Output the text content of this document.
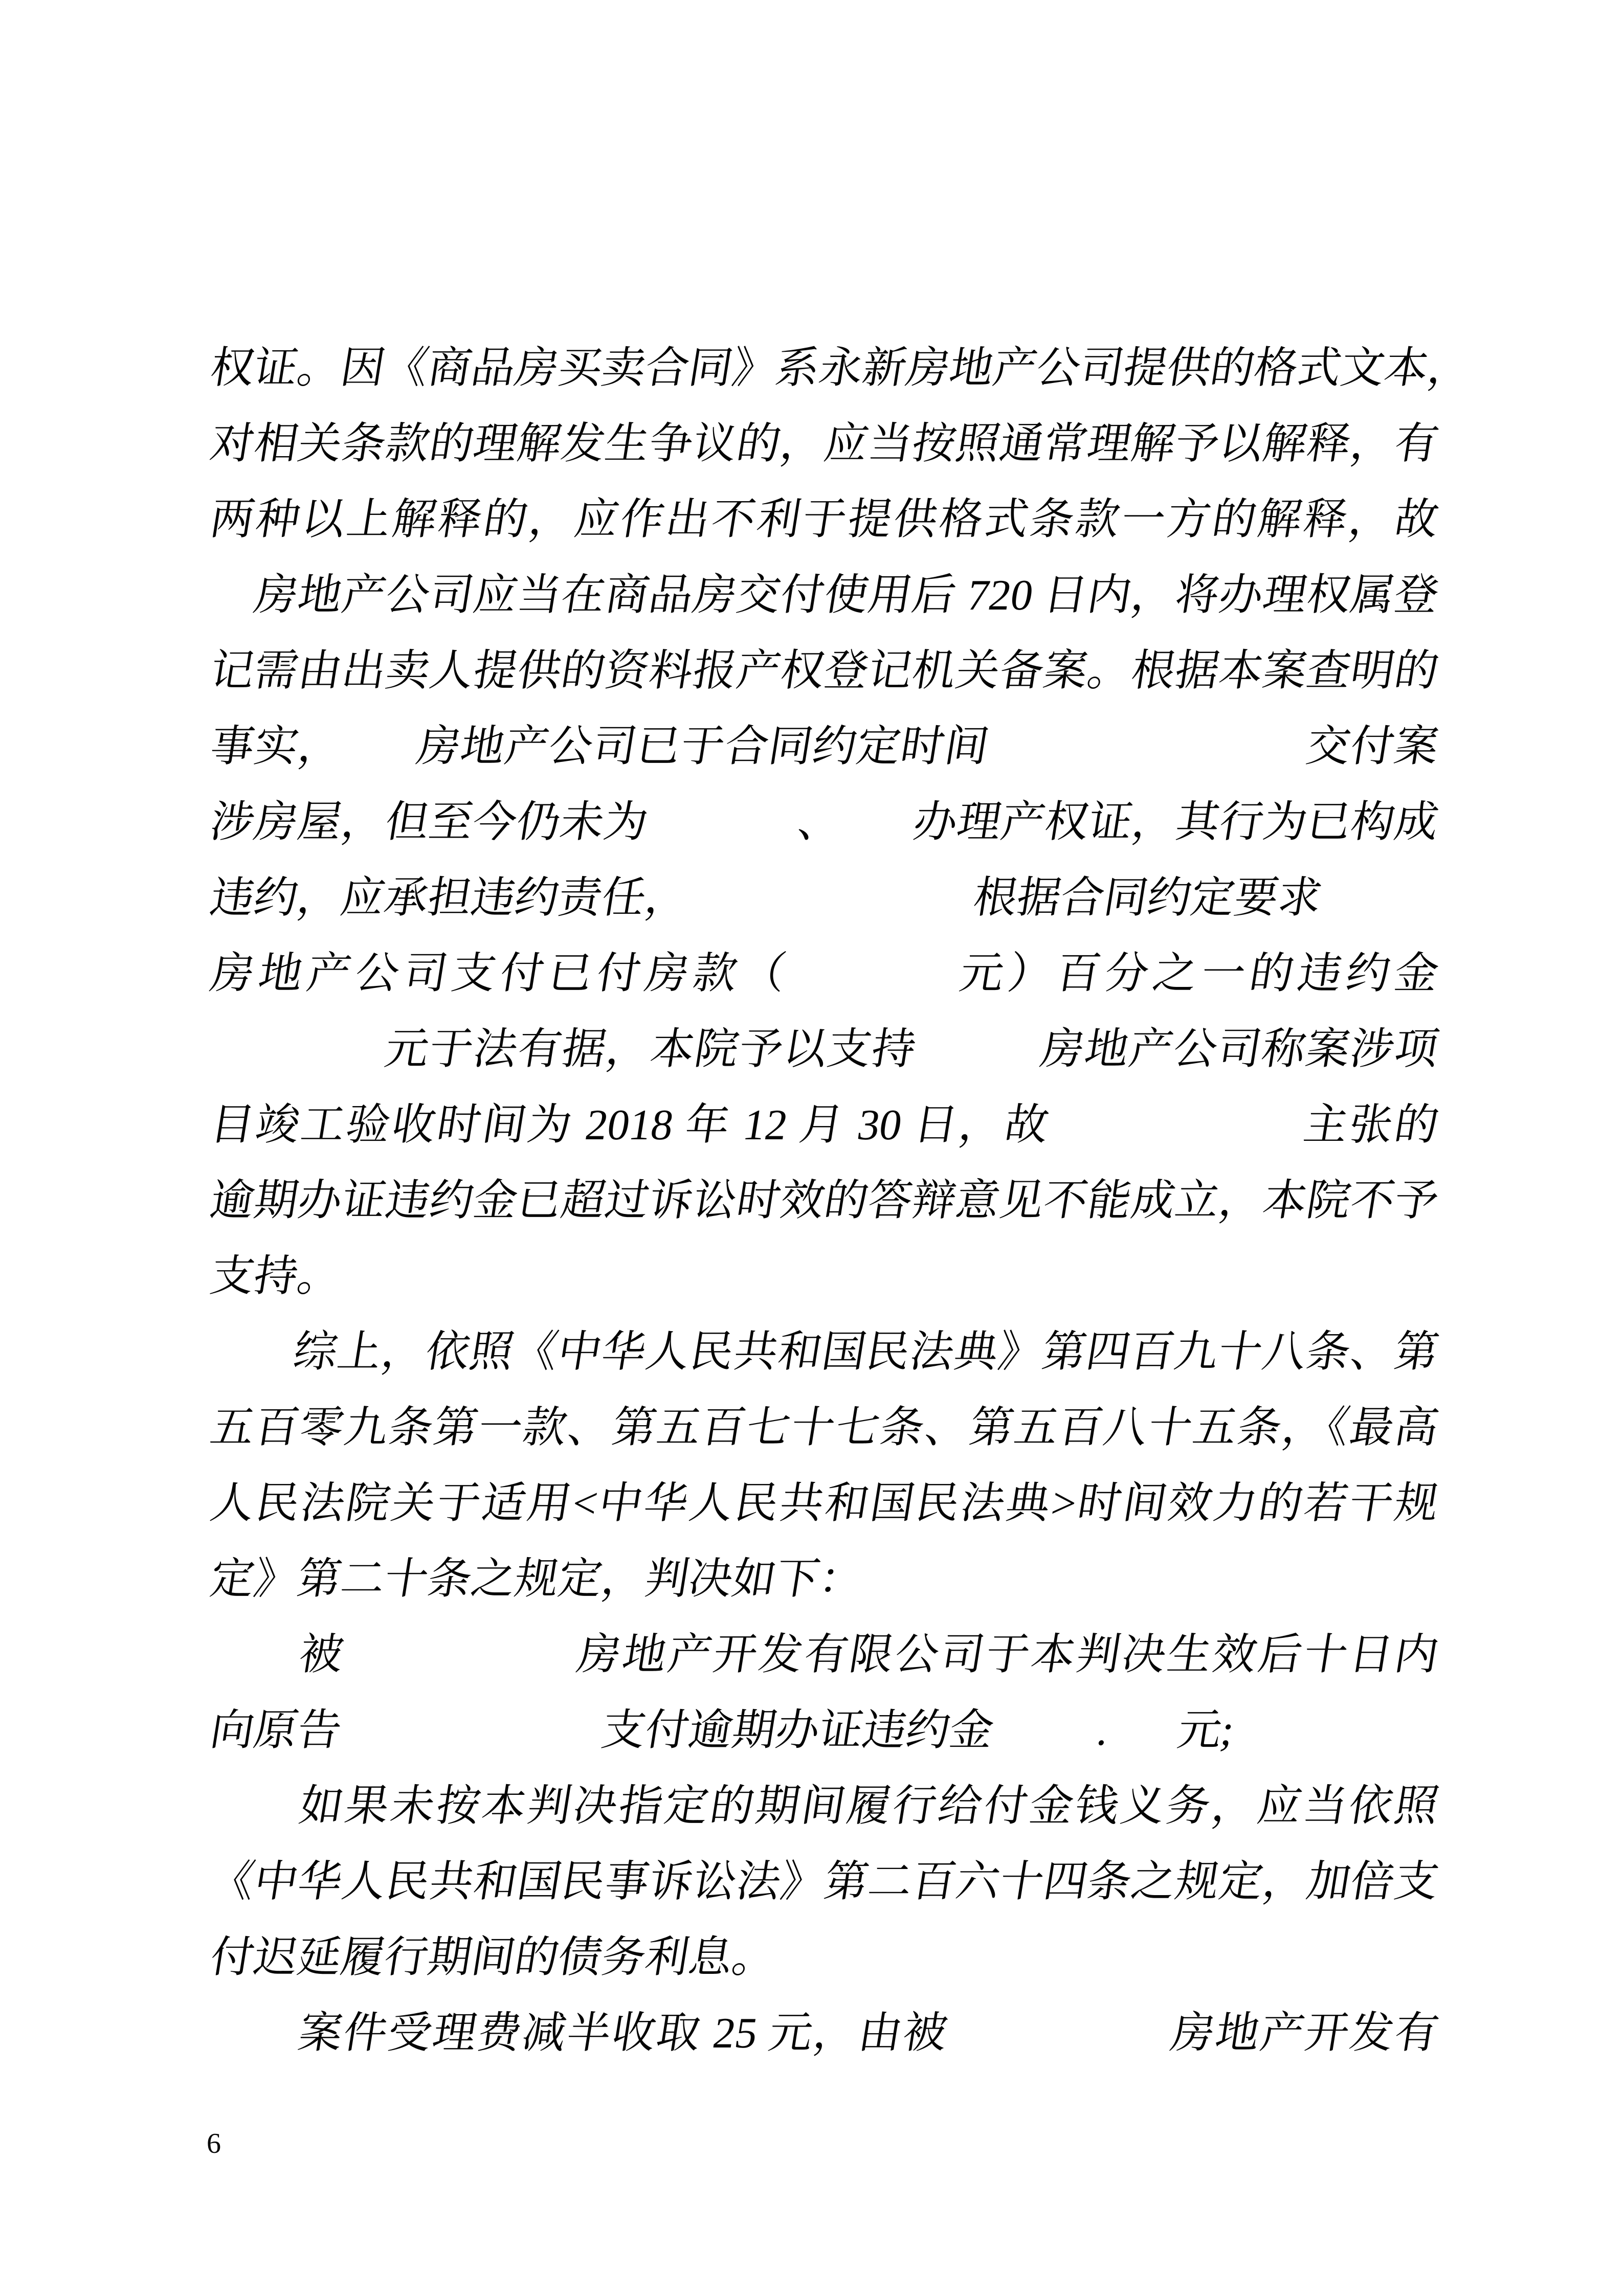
权证。因《商品房买卖合同》系永新房地产公司提供的格式文本，
对相关条款的理解发生争议的，应当按照通常理解予以解释，有
两种以上解释的，应作出不利于提供格式条款一方的解释，故
房地产公司应当在商品房交付使用后 720 日内，将办理权属登
记需由出卖人提供的资料报产权登记机关备案。根据本案查明的
事实， 房地产公司已于合同约定时间	交付案
涉房屋，但至今仍未为	、 办理产权证，其行为已构成
违约，应承担违约责任，	根据合同约定要求
房地产公司支付已付房款（	元）百分之一的违约金
元于法有据，本院予以支持	房地产公司称案涉项
目竣工验收时间为 2018 年 12 月 30 日，故	主张的
逾期办证违约金已超过诉讼时效的答辩意见不能成立，本院不予
支持。
综上，依照《中华人民共和国民法典》第四百九十八条、第
五百零九条第一款、第五百七十七条、第五百八十五条，《最高
人民法院关于适用<中华人民共和国民法典>时间效力的若干规
定》第二十条之规定，判决如下：
被	房地产开发有限公司于本判决生效后十日内
向原告	支付逾期办证违约金 . 元;
如果未按本判决指定的期间履行给付金钱义务，应当依照
《中华人民共和国民事诉讼法》第二百六十四条之规定，加倍支
付迟延履行期间的债务利息。
案件受理费减半收取 25 元，由被	房地产开发有
6
